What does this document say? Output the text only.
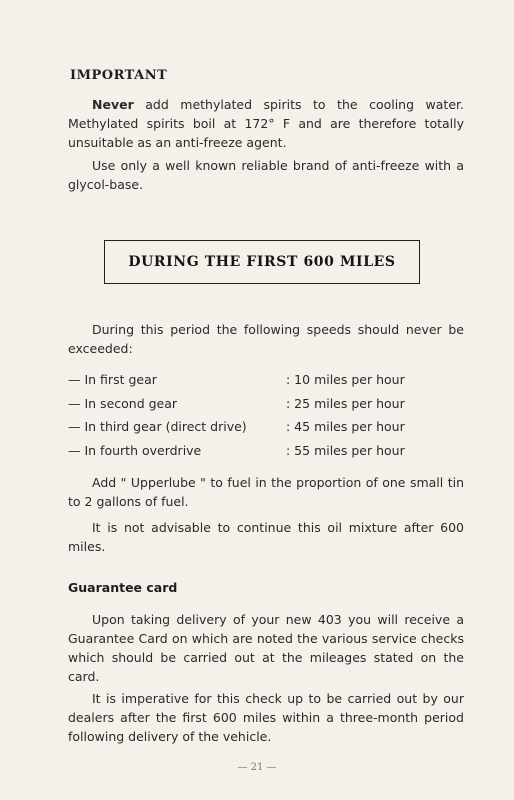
IMPORTANT
Never add methylated spirits to the cooling water. Methylated spirits boil at 172° F and are therefore totally unsuitable as an anti-freeze agent.
Use only a well known reliable brand of anti-freeze with a glycol-base.
DURING THE FIRST 600 MILES
During this period the following speeds should never be exceeded:
— In first gear	: 10 miles per hour
— In second gear	: 25 miles per hour
— In third gear (direct drive)	: 45 miles per hour
— In fourth overdrive	: 55 miles per hour
Add " Upperlube " to fuel in the proportion of one small tin to 2 gallons of fuel.
It is not advisable to continue this oil mixture after 600 miles.
Guarantee card
Upon taking delivery of your new 403 you will receive a Guarantee Card on which are noted the various service checks which should be carried out at the mileages stated on the card.
It is imperative for this check up to be carried out by our dealers after the first 600 miles within a three-month period following delivery of the vehicle.
— 21 —
